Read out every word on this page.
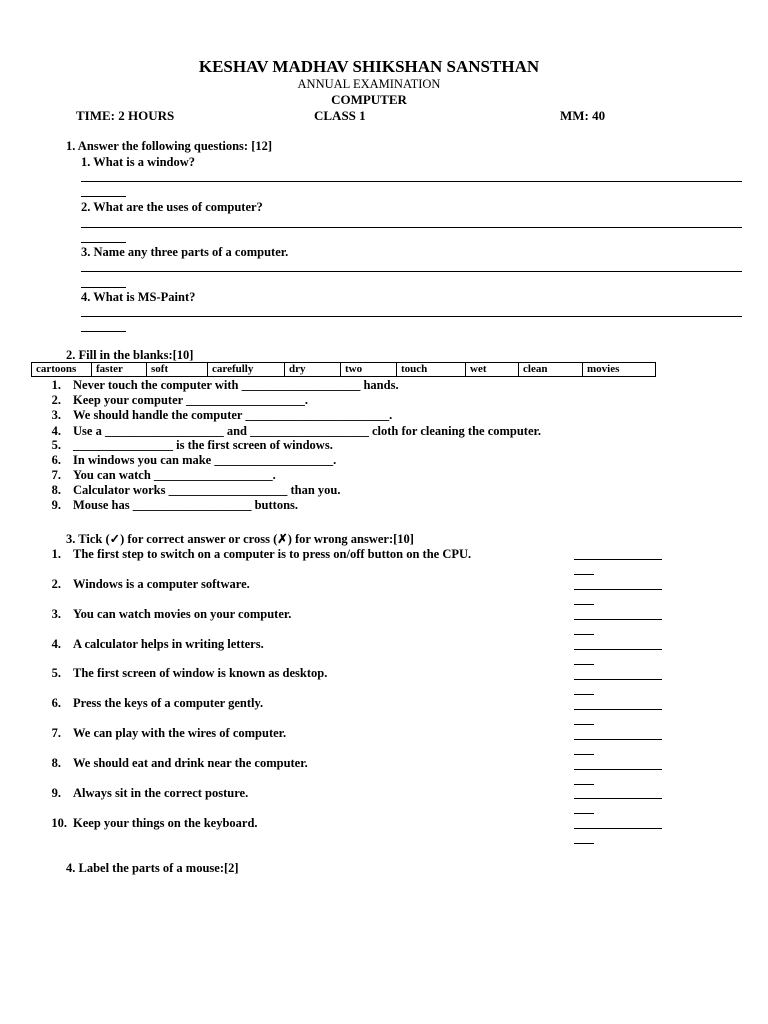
KESHAV MADHAV SHIKSHAN SANSTHAN
ANNUAL EXAMINATION
COMPUTER
TIME: 2 HOURS	CLASS 1	MM: 40
1. Answer the following questions: [12]
1. What is a window?
2. What are the uses of computer?
3. Name any three parts of a computer.
4. What is MS-Paint?
2. Fill in the blanks:[10]
cartoons	faster	soft	carefully	dry	two	touch	wet	clean	movies
1. Never touch the computer with ___________________ hands.
2. Keep your computer ___________________.
3. We should handle the computer _______________________.
4. Use a ___________________ and ___________________ cloth for cleaning the computer.
5. ________________ is the first screen of windows.
6. In windows you can make ___________________.
7. You can watch ___________________.
8. Calculator works ___________________ than you.
9. Mouse has ___________________ buttons.
3. Tick (✓) for correct answer or cross (✗) for wrong answer:[10]
1. The first step to switch on a computer is to press on/off button on the CPU.
2. Windows is a computer software.
3. You can watch movies on your computer.
4. A calculator helps in writing letters.
5. The first screen of window is known as desktop.
6. Press the keys of a computer gently.
7. We can play with the wires of computer.
8. We should eat and drink near the computer.
9. Always sit in the correct posture.
10. Keep your things on the keyboard.
4. Label the parts of a mouse:[2]
